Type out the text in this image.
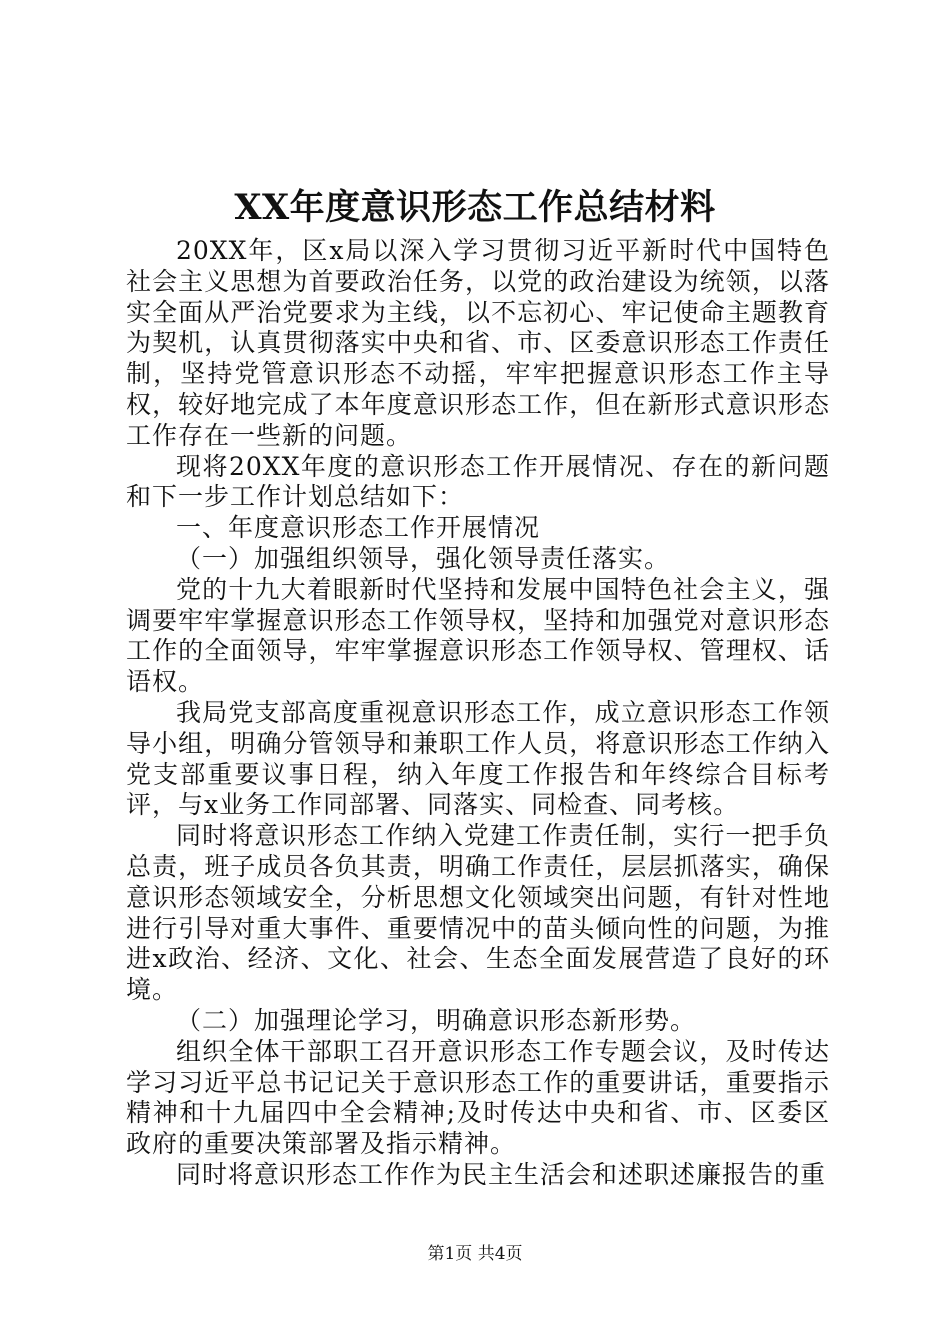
XX年度意识形态工作总结材料

20XX年，区x局以深入学习贯彻习近平新时代中国特色社会主义思想为首要政治任务，以党的政治建设为统领，以落实全面从严治党要求为主线，以不忘初心、牢记使命主题教育为契机，认真贯彻落实中央和省、市、区委意识形态工作责任制，坚持党管意识形态不动摇，牢牢把握意识形态工作主导权，较好地完成了本年度意识形态工作，但在新形式意识形态工作存在一些新的问题。

现将20XX年度的意识形态工作开展情况、存在的新问题和下一步工作计划总结如下：

一、年度意识形态工作开展情况

（一）加强组织领导，强化领导责任落实。

党的十九大着眼新时代坚持和发展中国特色社会主义，强调要牢牢掌握意识形态工作领导权，坚持和加强党对意识形态工作的全面领导，牢牢掌握意识形态工作领导权、管理权、话语权。

我局党支部高度重视意识形态工作，成立意识形态工作领导小组，明确分管领导和兼职工作人员，将意识形态工作纳入党支部重要议事日程，纳入年度工作报告和年终综合目标考评，与x业务工作同部署、同落实、同检查、同考核。

同时将意识形态工作纳入党建工作责任制，实行一把手负总责，班子成员各负其责，明确工作责任，层层抓落实，确保意识形态领域安全，分析思想文化领域突出问题，有针对性地进行引导对重大事件、重要情况中的苗头倾向性的问题，为推进x政治、经济、文化、社会、生态全面发展营造了良好的环境。

（二）加强理论学习，明确意识形态新形势。

组织全体干部职工召开意识形态工作专题会议，及时传达学习习近平总书记记关于意识形态工作的重要讲话，重要指示精神和十九届四中全会精神;及时传达中央和省、市、区委区政府的重要决策部署及指示精神。

同时将意识形态工作作为民主生活会和述职述廉报告的重

第1页 共4页
